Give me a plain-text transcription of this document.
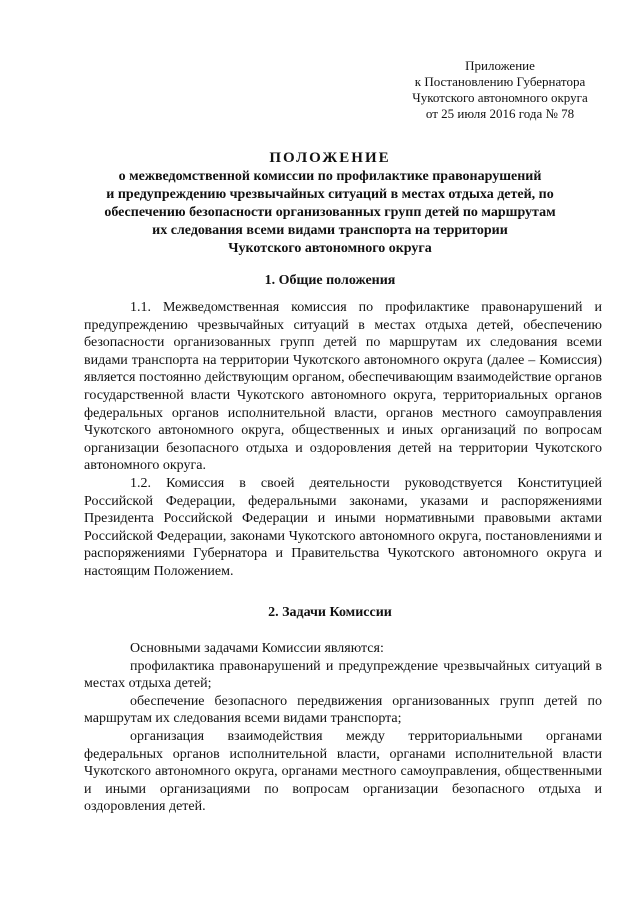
Приложение
к Постановлению Губернатора
Чукотского автономного округа
от 25 июля 2016 года № 78
ПОЛОЖЕНИЕ
о межведомственной комиссии по профилактике правонарушений
и предупреждению чрезвычайных ситуаций в местах отдыха детей, по
обеспечению безопасности организованных групп детей по маршрутам
их следования всеми видами транспорта на территории
Чукотского автономного округа
1. Общие положения

1.1. Межведомственная комиссия по профилактике правонарушений и предупреждению чрезвычайных ситуаций в местах отдыха детей, обеспечению безопасности организованных групп детей по маршрутам их следования всеми видами транспорта на территории Чукотского автономного округа (далее – Комиссия) является постоянно действующим органом, обеспечивающим взаимодействие органов государственной власти Чукотского автономного округа, территориальных органов федеральных органов исполнительной власти, органов местного самоуправления Чукотского автономного округа, общественных и иных организаций по вопросам организации безопасного отдыха и оздоровления детей на территории Чукотского автономного округа.

1.2. Комиссия в своей деятельности руководствуется Конституцией Российской Федерации, федеральными законами, указами и распоряжениями Президента Российской Федерации и иными нормативными правовыми актами Российской Федерации, законами Чукотского автономного округа, постановлениями и распоряжениями Губернатора и Правительства Чукотского автономного округа и настоящим Положением.

2. Задачи Комиссии

Основными задачами Комиссии являются:

профилактика правонарушений и предупреждение чрезвычайных ситуаций в местах отдыха детей;

обеспечение безопасного передвижения организованных групп детей по маршрутам их следования всеми видами транспорта;

организация взаимодействия между территориальными органами федеральных органов исполнительной власти, органами исполнительной власти Чукотского автономного округа, органами местного самоуправления, общественными и иными организациями по вопросам организации безопасного отдыха и оздоровления детей.
